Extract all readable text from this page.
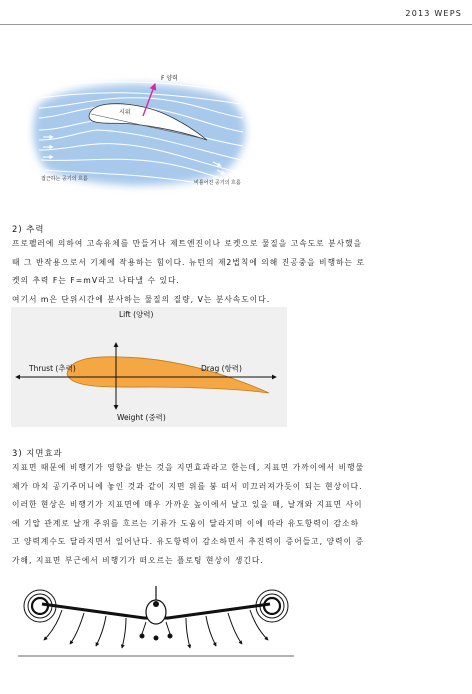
2013 WEPS
F 양력
시위
접근하는 공기의 흐름
비틀어진 공기의 흐름
2) 추력
프로펠러에 의하여 고속유체를 만들거나 제트엔진이나 로켓으로 물질을 고속도로 분사했을
때 그 반작용으로서 기체에 작용하는 힘이다. 뉴턴의 제2법칙에 의해 진공중을 비행하는 로
켓의 추력 F는 F=mV라고 나타낼 수 있다.
여기서 m은 단위시간에 분사하는 물질의 질량, V는 분사속도이다.
Lift (양력)
Thrust (추력)	Drag (항력)
Weight (중력)
3) 지면효과
지표면 때문에 비행기가 영향을 받는 것을 지면효과라고 한는데, 지표면 가까이에서 비행물
체가 마치 공기주머니에 놓인 것과 같이 지면 위를 붕 떠서 미끄러져가듯이 되는 현상이다.
이러한 현상은 비행기가 지표면에 매우 가까운 높이에서 날고 있을 때, 날개와 지표면 사이
에 기압 관계로 날개 주위를 흐르는 기류가 도움이 달라지며 이에 따라 유도항력이 감소하
고 양력계수도 달라지면서 일어난다. 유도항력이 감소하면서 추진력이 증어들고, 양력이 증
가해, 지표면 부근에서 비행기가 떠오르는 플로팅 현상이 생긴다.
